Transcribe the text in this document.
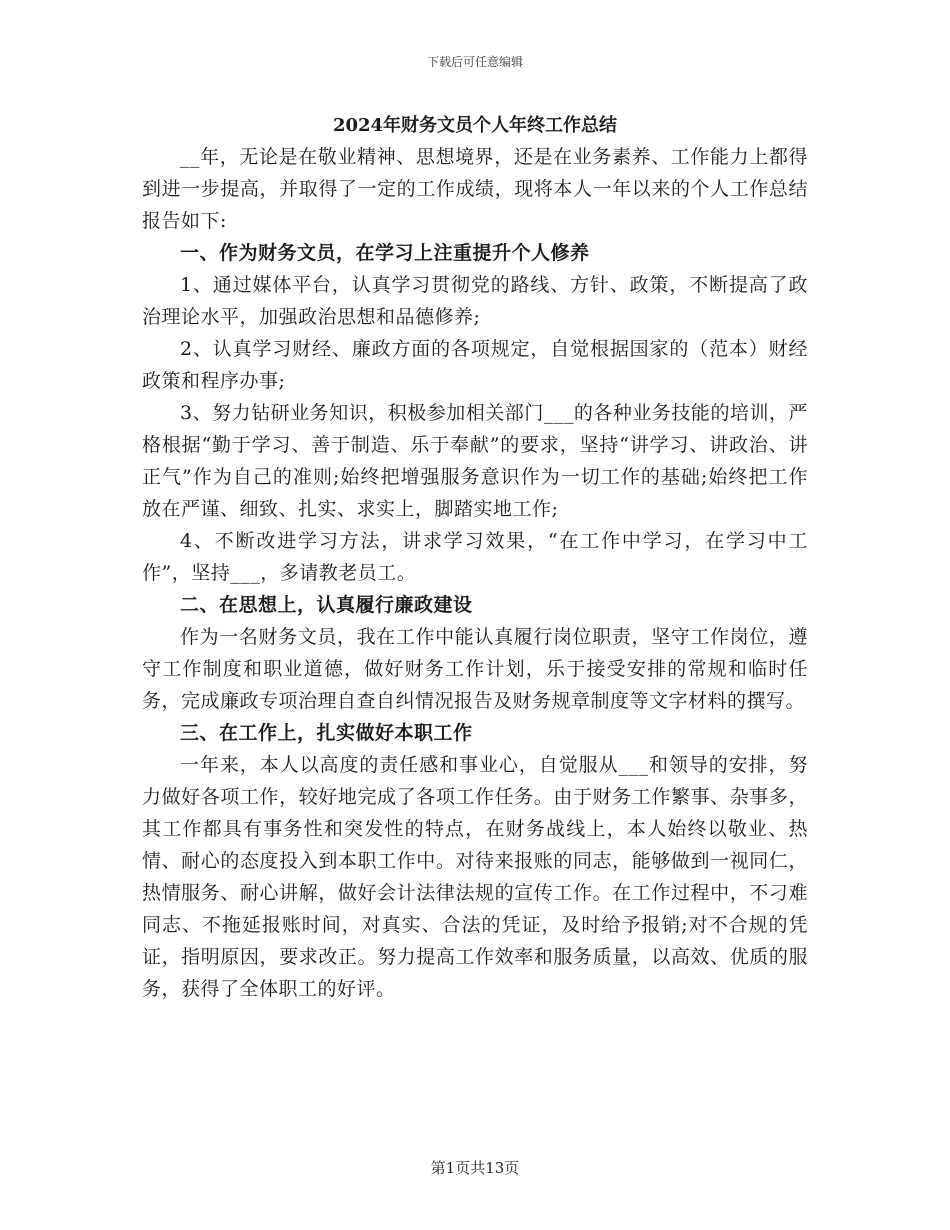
下载后可任意编辑
2024年财务文员个人年终工作总结

__年，无论是在敬业精神、思想境界，还是在业务素养、工作能力上都得到进一步提高，并取得了一定的工作成绩，现将本人一年以来的个人工作总结报告如下:

一、作为财务文员，在学习上注重提升个人修养

1、通过媒体平台，认真学习贯彻党的路线、方针、政策，不断提高了政治理论水平，加强政治思想和品德修养;

2、认真学习财经、廉政方面的各项规定，自觉根据国家的（范本）财经政策和程序办事;

3、努力钻研业务知识，积极参加相关部门___的各种业务技能的培训，严格根据“勤于学习、善于制造、乐于奉献”的要求，坚持“讲学习、讲政治、讲正气”作为自己的准则;始终把增强服务意识作为一切工作的基础;始终把工作放在严谨、细致、扎实、求实上，脚踏实地工作;

4、不断改进学习方法，讲求学习效果，“在工作中学习，在学习中工作”，坚持___，多请教老员工。

二、在思想上，认真履行廉政建设

作为一名财务文员，我在工作中能认真履行岗位职责，坚守工作岗位，遵守工作制度和职业道德，做好财务工作计划，乐于接受安排的常规和临时任务，完成廉政专项治理自查自纠情况报告及财务规章制度等文字材料的撰写。

三、在工作上，扎实做好本职工作

一年来，本人以高度的责任感和事业心，自觉服从___和领导的安排，努力做好各项工作，较好地完成了各项工作任务。由于财务工作繁事、杂事多，其工作都具有事务性和突发性的特点，在财务战线上，本人始终以敬业、热情、耐心的态度投入到本职工作中。对待来报账的同志，能够做到一视同仁，热情服务、耐心讲解，做好会计法律法规的宣传工作。在工作过程中，不刁难同志、不拖延报账时间，对真实、合法的凭证，及时给予报销;对不合规的凭证，指明原因，要求改正。努力提高工作效率和服务质量，以高效、优质的服务，获得了全体职工的好评。

第1页共13页
